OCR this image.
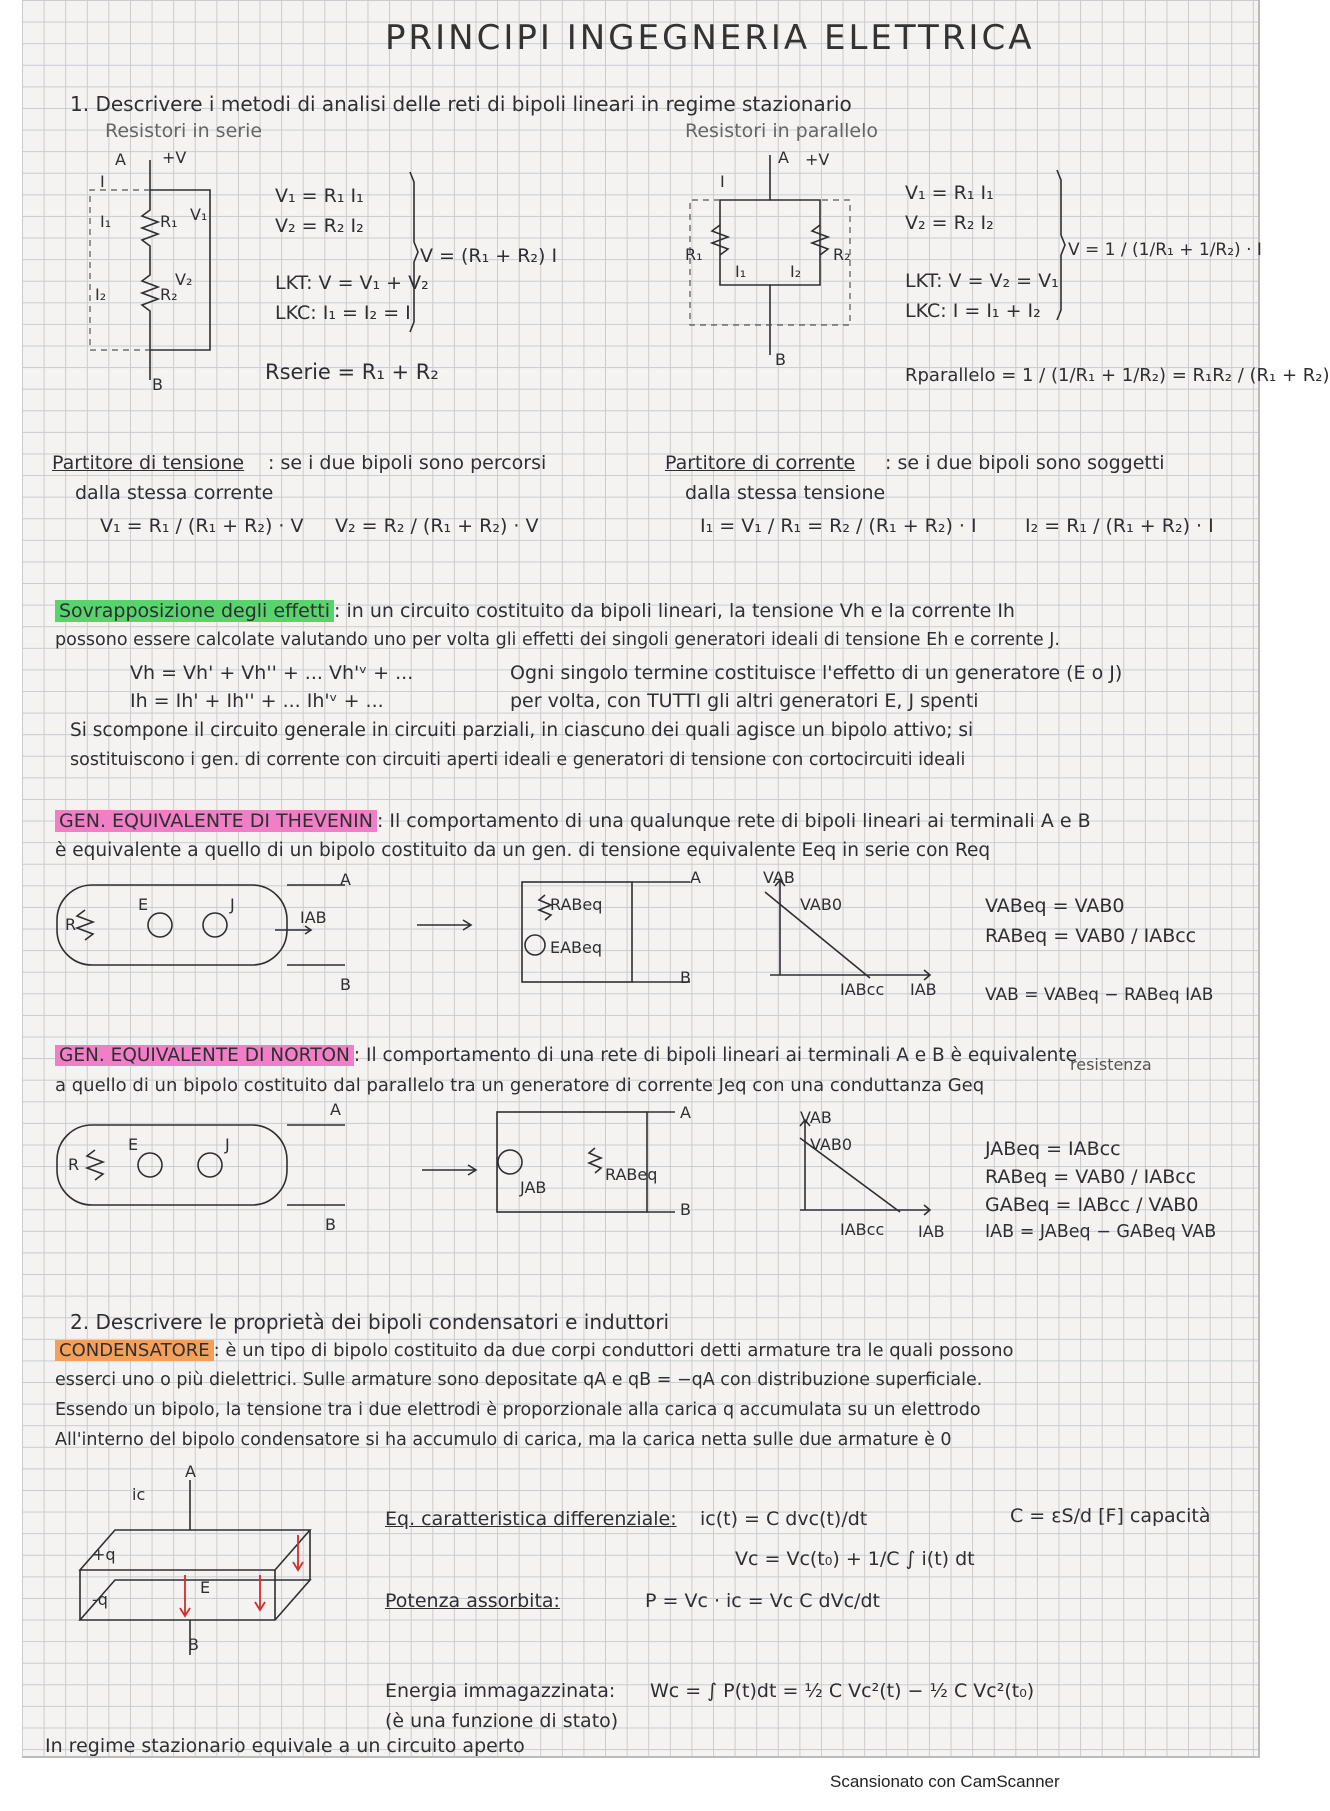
PRINCIPI INGEGNERIA ELETTRICA
1. Descrivere i metodi di analisi delle reti di bipoli lineari in regime stazionario
Resistori in serie
A +V
I
I₁	R₁ V₁
I₂	R₂
V₂
B
V₁ = R₁ I₁
V₂ = R₂ I₂
LKT: V = V₁ + V₂
LKC: I₁ = I₂ = I
V = (R₁ + R₂) I
Rserie = R₁ + R₂
Resistori in parallelo
A +V
I
R₁
I₁	I₂
R₂
B
V₁ = R₁ I₁
V₂ = R₂ I₂
LKT: V = V₂ = V₁
LKC: I = I₁ + I₂
V = 1 / (1/R₁ + 1/R₂) · I
Rparallelo = 1 / (1/R₁ + 1/R₂) = R₁R₂ / (R₁ + R₂)
Partitore di tensione : se i due bipoli sono percorsi
dalla stessa corrente
V₁ = R₁ / (R₁ + R₂) · V V₂ = R₂ / (R₁ + R₂) · V
Partitore di corrente : se i due bipoli sono soggetti
dalla stessa tensione
I₁ = V₁ / R₁ = R₂ / (R₁ + R₂) · I	I₂ = R₁ / (R₁ + R₂) · I
Sovrapposizione degli effetti : in un circuito costituito da bipoli lineari, la tensione Vh e la corrente Ih
possono essere calcolate valutando uno per volta gli effetti dei singoli generatori ideali di tensione Eh e corrente J.
Vh = Vh' + Vh'' + ... Vh'ᵛ + ...
Ih = Ih' + Ih'' + ... Ih'ᵛ + ...
Ogni singolo termine costituisce l'effetto di un generatore (E o J)
per volta, con TUTTI gli altri generatori E, J spenti
Si scompone il circuito generale in circuiti parziali, in ciascuno dei quali agisce un bipolo attivo; si
sostituiscono i gen. di corrente con circuiti aperti ideali e generatori di tensione con cortocircuiti ideali
GEN. EQUIVALENTE DI THEVENIN : Il comportamento di una qualunque rete di bipoli lineari ai terminali A e B
è equivalente a quello di un bipolo costituito da un gen. di tensione equivalente Eeq in serie con Req
R
E	J
IAB
A
B
RABeq
EABeq
A
B
VAB
VAB0
IABcc IAB
VABeq = VAB0
RABeq = VAB0 / IABcc
VAB = VABeq − RABeq IAB
resistenza
GEN. EQUIVALENTE DI NORTON : Il comportamento di una rete di bipoli lineari ai terminali A e B è equivalente
a quello di un bipolo costituito dal parallelo tra un generatore di corrente Jeq con una conduttanza Geq
R
E	J
A
B
JAB
RABeq
A
B
VAB
VAB0
IABcc IAB
JABeq = IABcc
RABeq = VAB0 / IABcc
GABeq = IABcc / VAB0
IAB = JABeq − GABeq VAB
2. Descrivere le proprietà dei bipoli condensatori e induttori
CONDENSATORE : è un tipo di bipolo costituito da due corpi conduttori detti armature tra le quali possono
esserci uno o più dielettrici. Sulle armature sono depositate qA e qB = −qA con distribuzione superficiale.
Essendo un bipolo, la tensione tra i due elettrodi è proporzionale alla carica q accumulata su un elettrodo
All'interno del bipolo condensatore si ha accumulo di carica, ma la carica netta sulle due armature è 0
A
ic
+q
-q
E
B
Eq. caratteristica differenziale: ic(t) = C dvc(t)/dt	C = εS/d [F] capacità
Vc = Vc(t₀) + 1/C ∫ i(t) dt
Potenza assorbita:	P = Vc · ic = Vc C dVc/dt
Energia immagazzinata: Wc = ∫ P(t)dt = ½ C Vc²(t) − ½ C Vc²(t₀)
(è una funzione di stato)
In regime stazionario equivale a un circuito aperto
Scansionato con CamScanner
